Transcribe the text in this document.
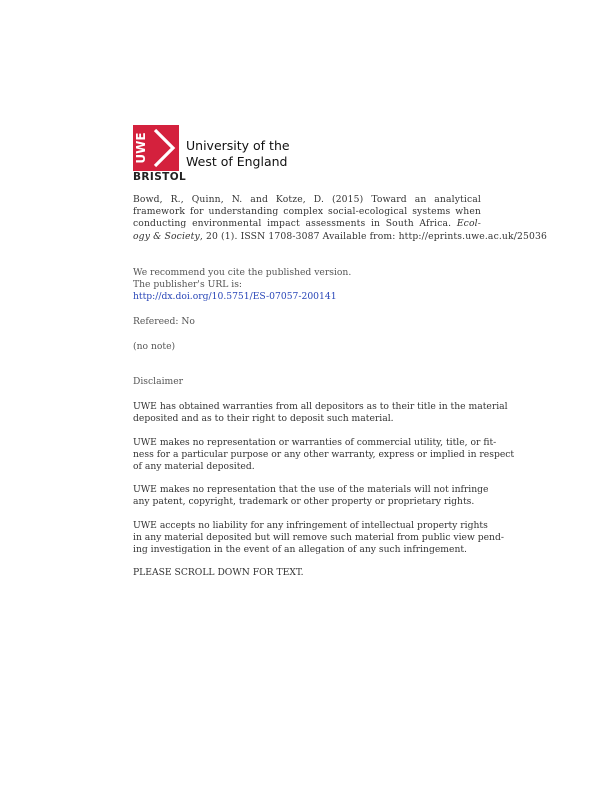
UWE
BRISTOL
University of the
West of England
Bowd, R., Quinn, N. and Kotze, D. (2015) Toward an analytical
framework for understanding complex social-ecological systems when
conducting environmental impact assessments in South Africa. Ecol-
ogy & Society, 20 (1). ISSN 1708-3087 Available from: http://eprints.uwe.ac.uk/25036
We recommend you cite the published version.
The publisher's URL is:
http://dx.doi.org/10.5751/ES-07057-200141
Refereed: No
(no note)
Disclaimer
UWE has obtained warranties from all depositors as to their title in the material
deposited and as to their right to deposit such material.
UWE makes no representation or warranties of commercial utility, title, or fit-
ness for a particular purpose or any other warranty, express or implied in respect
of any material deposited.
UWE makes no representation that the use of the materials will not infringe
any patent, copyright, trademark or other property or proprietary rights.
UWE accepts no liability for any infringement of intellectual property rights
in any material deposited but will remove such material from public view pend-
ing investigation in the event of an allegation of any such infringement.
PLEASE SCROLL DOWN FOR TEXT.
